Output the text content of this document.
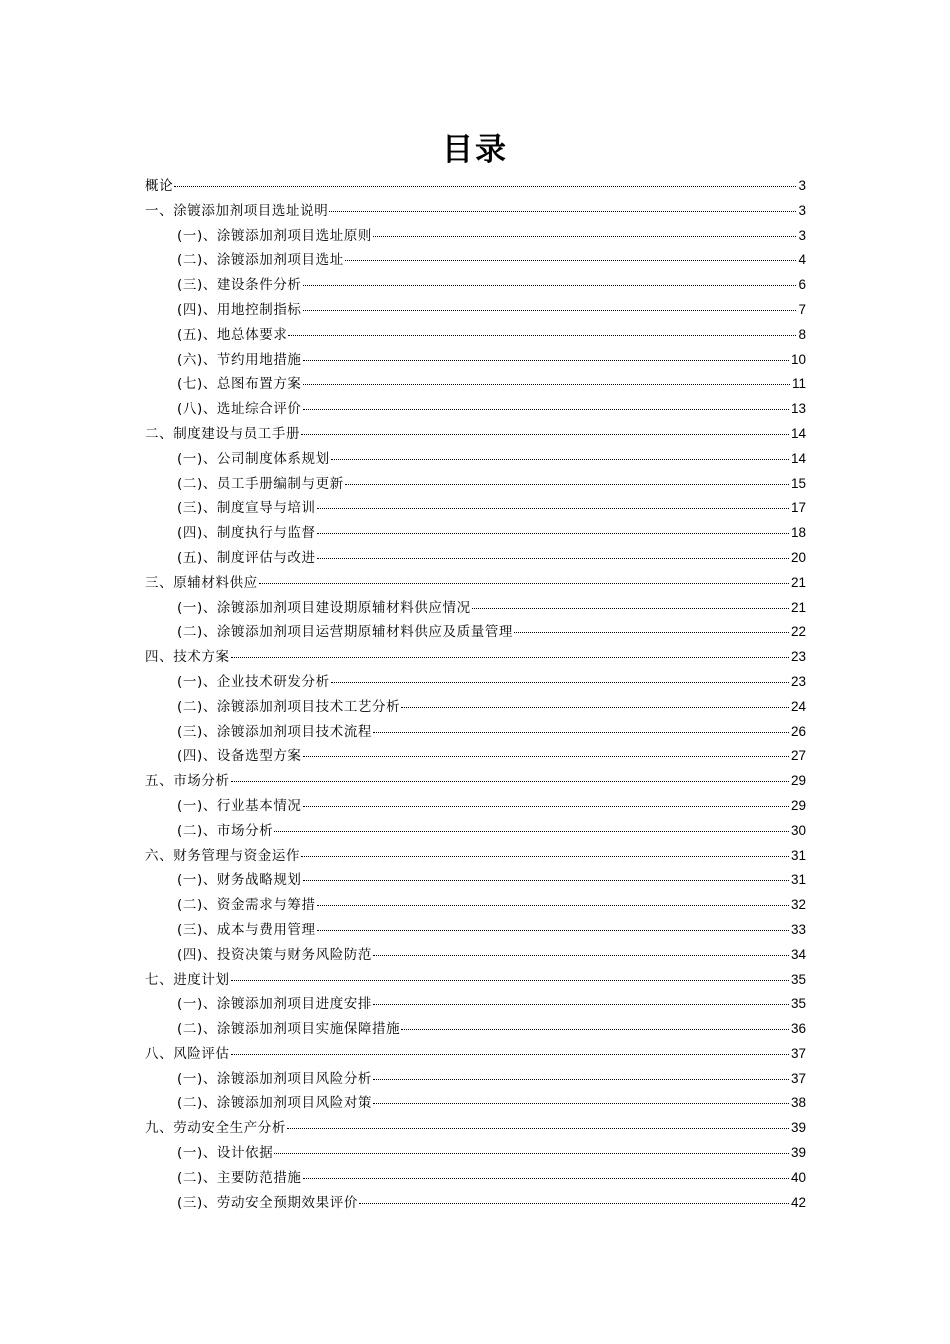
目录
概论	3
一、涂镀添加剂项目选址说明	3
(一)、涂镀添加剂项目选址原则	3
(二)、涂镀添加剂项目选址	4
(三)、建设条件分析	6
(四)、用地控制指标	7
(五)、地总体要求	8
(六)、节约用地措施	10
(七)、总图布置方案	11
(八)、选址综合评价	13
二、制度建设与员工手册	14
(一)、公司制度体系规划	14
(二)、员工手册编制与更新	15
(三)、制度宣导与培训	17
(四)、制度执行与监督	18
(五)、制度评估与改进	20
三、原辅材料供应	21
(一)、涂镀添加剂项目建设期原辅材料供应情况	21
(二)、涂镀添加剂项目运营期原辅材料供应及质量管理	22
四、技术方案	23
(一)、企业技术研发分析	23
(二)、涂镀添加剂项目技术工艺分析	24
(三)、涂镀添加剂项目技术流程	26
(四)、设备选型方案	27
五、市场分析	29
(一)、行业基本情况	29
(二)、市场分析	30
六、财务管理与资金运作	31
(一)、财务战略规划	31
(二)、资金需求与筹措	32
(三)、成本与费用管理	33
(四)、投资决策与财务风险防范	34
七、进度计划	35
(一)、涂镀添加剂项目进度安排	35
(二)、涂镀添加剂项目实施保障措施	36
八、风险评估	37
(一)、涂镀添加剂项目风险分析	37
(二)、涂镀添加剂项目风险对策	38
九、劳动安全生产分析	39
(一)、设计依据	39
(二)、主要防范措施	40
(三)、劳动安全预期效果评价	42
